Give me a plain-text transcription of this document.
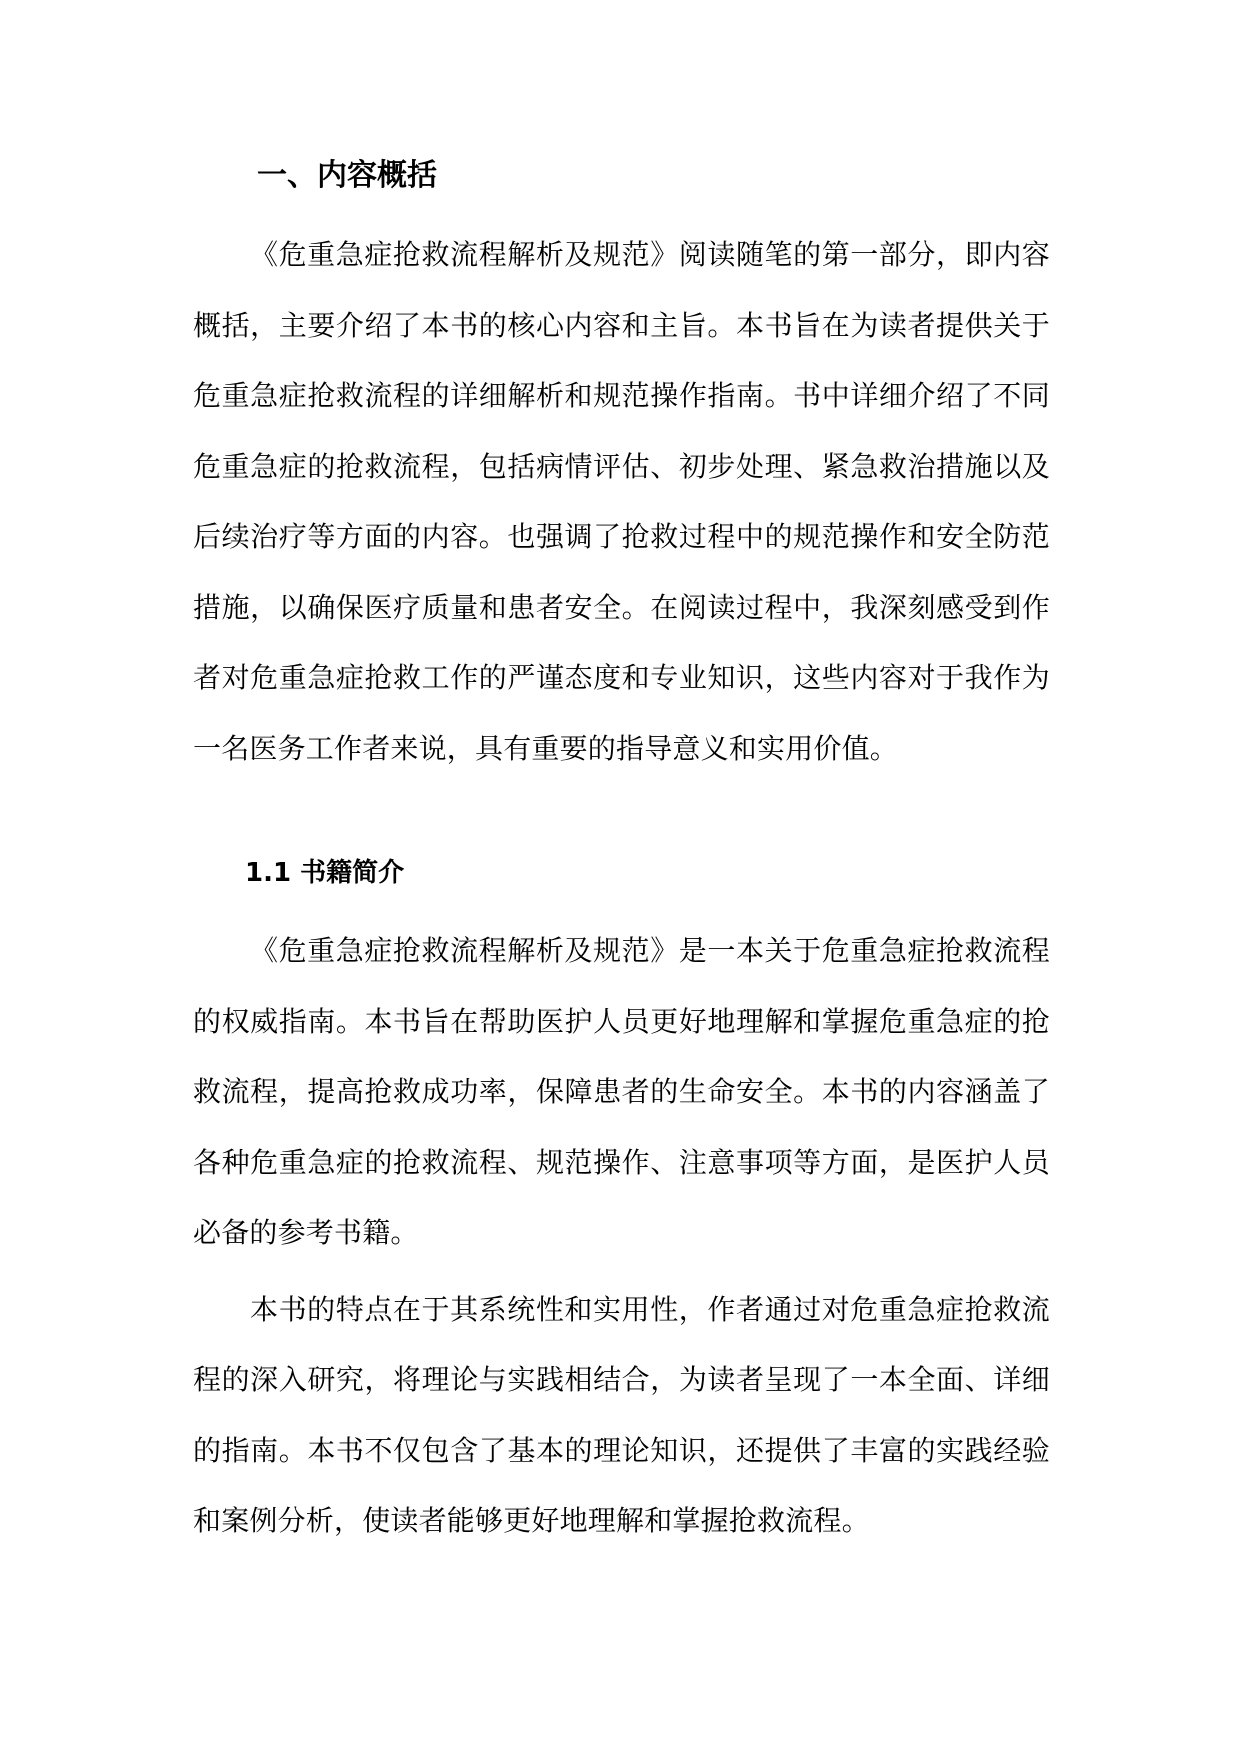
一、内容概括

《危重急症抢救流程解析及规范》阅读随笔的第一部分，即内容概括，主要介绍了本书的核心内容和主旨。本书旨在为读者提供关于危重急症抢救流程的详细解析和规范操作指南。书中详细介绍了不同危重急症的抢救流程，包括病情评估、初步处理、紧急救治措施以及后续治疗等方面的内容。也强调了抢救过程中的规范操作和安全防范措施，以确保医疗质量和患者安全。在阅读过程中，我深刻感受到作者对危重急症抢救工作的严谨态度和专业知识，这些内容对于我作为一名医务工作者来说，具有重要的指导意义和实用价值。

1.1 书籍简介

《危重急症抢救流程解析及规范》是一本关于危重急症抢救流程的权威指南。本书旨在帮助医护人员更好地理解和掌握危重急症的抢救流程，提高抢救成功率，保障患者的生命安全。本书的内容涵盖了各种危重急症的抢救流程、规范操作、注意事项等方面，是医护人员必备的参考书籍。

本书的特点在于其系统性和实用性，作者通过对危重急症抢救流程的深入研究，将理论与实践相结合，为读者呈现了一本全面、详细的指南。本书不仅包含了基本的理论知识，还提供了丰富的实践经验和案例分析，使读者能够更好地理解和掌握抢救流程。
